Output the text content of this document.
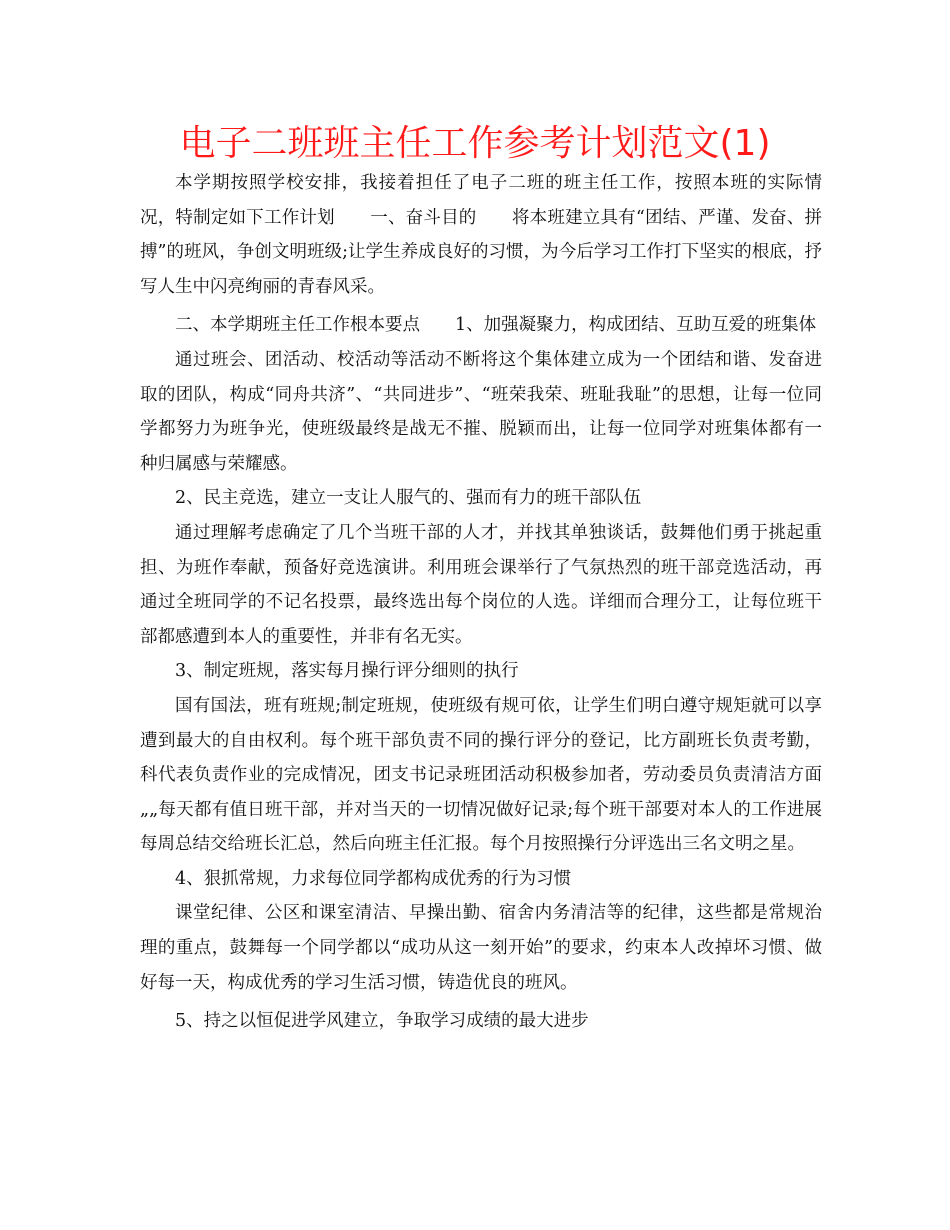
电子二班班主任工作参考计划范文(1)

本学期按照学校安排，我接着担任了电子二班的班主任工作，按照本班的实际情况，特制定如下工作计划　　一、奋斗目的　　将本班建立具有“团结、严谨、发奋、拼搏”的班风，争创文明班级;让学生养成良好的习惯，为今后学习工作打下坚实的根底，抒写人生中闪亮绚丽的青春风采。

二、本学期班主任工作根本要点　　1、加强凝聚力，构成团结、互助互爱的班集体

通过班会、团活动、校活动等活动不断将这个集体建立成为一个团结和谐、发奋进取的团队，构成“同舟共济”、“共同进步”、“班荣我荣、班耻我耻”的思想，让每一位同学都努力为班争光，使班级最终是战无不摧、脱颖而出，让每一位同学对班集体都有一种归属感与荣耀感。

2、民主竞选，建立一支让人服气的、强而有力的班干部队伍

通过理解考虑确定了几个当班干部的人才，并找其单独谈话，鼓舞他们勇于挑起重担、为班作奉献，预备好竞选演讲。利用班会课举行了气氛热烈的班干部竞选活动，再通过全班同学的不记名投票，最终选出每个岗位的人选。详细而合理分工，让每位班干部都感遭到本人的重要性，并非有名无实。

3、制定班规，落实每月操行评分细则的执行

国有国法，班有班规;制定班规，使班级有规可依，让学生们明白遵守规矩就可以享遭到最大的自由权利。每个班干部负责不同的操行评分的登记，比方副班长负责考勤，科代表负责作业的完成情况，团支书记录班团活动积极参加者，劳动委员负责清洁方面„„每天都有值日班干部，并对当天的一切情况做好记录;每个班干部要对本人的工作进展每周总结交给班长汇总，然后向班主任汇报。每个月按照操行分评选出三名文明之星。

4、狠抓常规，力求每位同学都构成优秀的行为习惯

课堂纪律、公区和课室清洁、早操出勤、宿舍内务清洁等的纪律，这些都是常规治理的重点，鼓舞每一个同学都以“成功从这一刻开始”的要求，约束本人改掉坏习惯、做好每一天，构成优秀的学习生活习惯，铸造优良的班风。

5、持之以恒促进学风建立，争取学习成绩的最大进步
